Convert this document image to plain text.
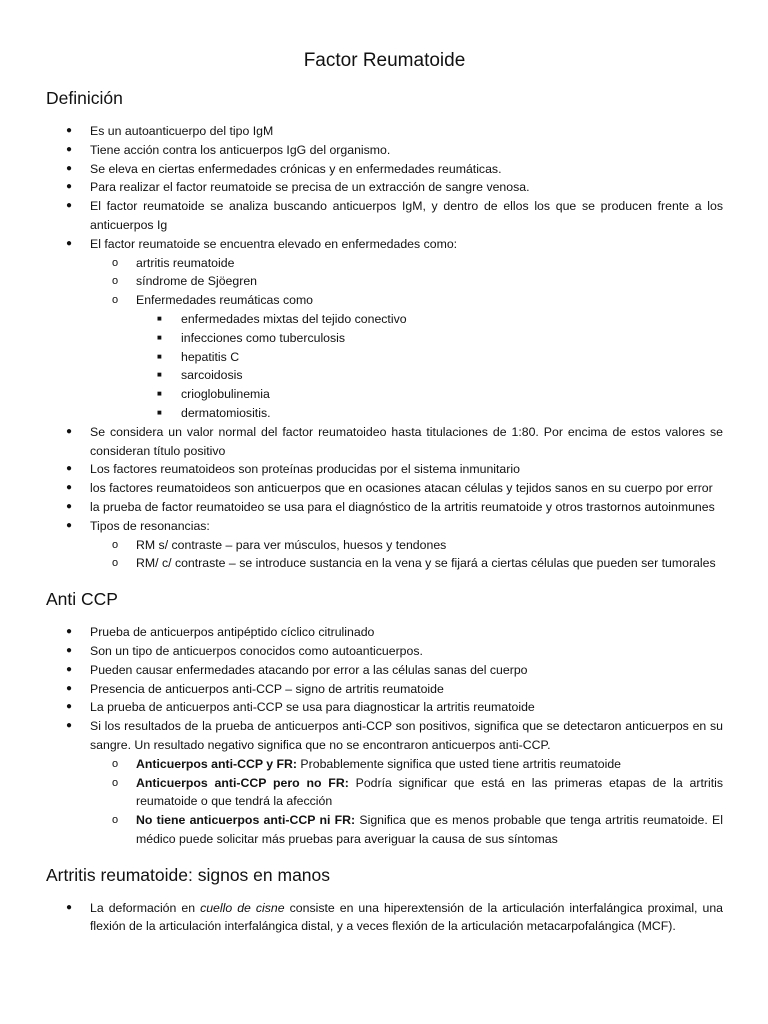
Factor Reumatoide
Definición
● Es un autoanticuerpo del tipo IgM
● Tiene acción contra los anticuerpos IgG del organismo.
● Se eleva en ciertas enfermedades crónicas y en enfermedades reumáticas.
● Para realizar el factor reumatoide se precisa de un extracción de sangre venosa.
● El factor reumatoide se analiza buscando anticuerpos IgM, y dentro de ellos los que se producen frente a los anticuerpos Ig
● El factor reumatoide se encuentra elevado en enfermedades como:
o artritis reumatoide
o síndrome de Sjöegren
o Enfermedades reumáticas como
■ enfermedades mixtas del tejido conectivo
■ infecciones como tuberculosis
■ hepatitis C
■ sarcoidosis
■ crioglobulinemia
■ dermatomiositis.
● Se considera un valor normal del factor reumatoideo hasta titulaciones de 1:80. Por encima de estos valores se consideran título positivo
● Los factores reumatoideos son proteínas producidas por el sistema inmunitario
● los factores reumatoideos son anticuerpos que en ocasiones atacan células y tejidos sanos en su cuerpo por error
● la prueba de factor reumatoideo se usa para el diagnóstico de la artritis reumatoide y otros trastornos autoinmunes
● Tipos de resonancias:
o RM s/ contraste – para ver músculos, huesos y tendones
o RM/ c/ contraste – se introduce sustancia en la vena y se fijará a ciertas células que pueden ser tumorales
Anti CCP
● Prueba de anticuerpos antipéptido cíclico citrulinado
● Son un tipo de anticuerpos conocidos como autoanticuerpos.
● Pueden causar enfermedades atacando por error a las células sanas del cuerpo
● Presencia de anticuerpos anti-CCP – signo de artritis reumatoide
● La prueba de anticuerpos anti-CCP se usa para diagnosticar la artritis reumatoide
● Si los resultados de la prueba de anticuerpos anti-CCP son positivos, significa que se detectaron anticuerpos en su sangre. Un resultado negativo significa que no se encontraron anticuerpos anti-CCP.
o Anticuerpos anti-CCP y FR: Probablemente significa que usted tiene artritis reumatoide
o Anticuerpos anti-CCP pero no FR: Podría significar que está en las primeras etapas de la artritis reumatoide o que tendrá la afección
o No tiene anticuerpos anti-CCP ni FR: Significa que es menos probable que tenga artritis reumatoide. El médico puede solicitar más pruebas para averiguar la causa de sus síntomas
Artritis reumatoide: signos en manos
● La deformación en cuello de cisne consiste en una hiperextensión de la articulación interfalángica proximal, una flexión de la articulación interfalángica distal, y a veces flexión de la articulación metacarpofalángica (MCF).
